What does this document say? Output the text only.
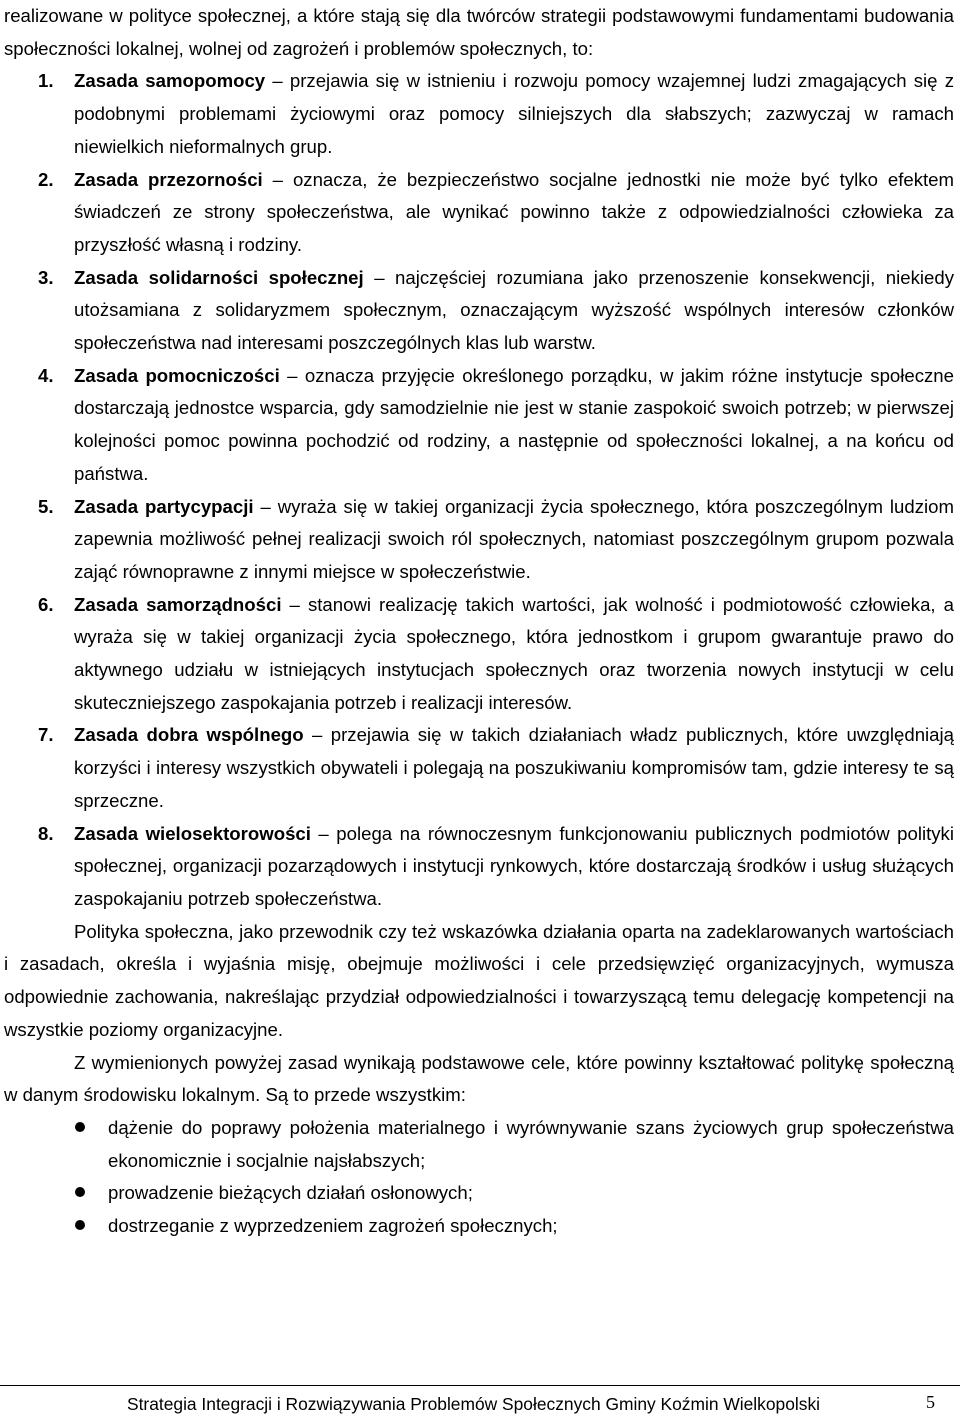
realizowane w polityce społecznej, a które stają się dla twórców strategii podstawowymi fundamentami budowania społeczności lokalnej, wolnej od zagrożeń i problemów społecznych, to:

1. Zasada samopomocy – przejawia się w istnieniu i rozwoju pomocy wzajemnej ludzi zmagających się z podobnymi problemami życiowymi oraz pomocy silniejszych dla słabszych; zazwyczaj w ramach niewielkich nieformalnych grup.
2. Zasada przezorności – oznacza, że bezpieczeństwo socjalne jednostki nie może być tylko efektem świadczeń ze strony społeczeństwa, ale wynikać powinno także z odpowiedzialności człowieka za przyszłość własną i rodziny.
3. Zasada solidarności społecznej – najczęściej rozumiana jako przenoszenie konsekwencji, niekiedy utożsamiana z solidaryzmem społecznym, oznaczającym wyższość wspólnych interesów członków społeczeństwa nad interesami poszczególnych klas lub warstw.
4. Zasada pomocniczości – oznacza przyjęcie określonego porządku, w jakim różne instytucje społeczne dostarczają jednostce wsparcia, gdy samodzielnie nie jest w stanie zaspokoić swoich potrzeb; w pierwszej kolejności pomoc powinna pochodzić od rodziny, a następnie od społeczności lokalnej, a na końcu od państwa.
5. Zasada partycypacji – wyraża się w takiej organizacji życia społecznego, która poszczególnym ludziom zapewnia możliwość pełnej realizacji swoich ról społecznych, natomiast poszczególnym grupom pozwala zająć równoprawne z innymi miejsce w społeczeństwie.
6. Zasada samorządności – stanowi realizację takich wartości, jak wolność i podmiotowość człowieka, a wyraża się w takiej organizacji życia społecznego, która jednostkom i grupom gwarantuje prawo do aktywnego udziału w istniejących instytucjach społecznych oraz tworzenia nowych instytucji w celu skuteczniejszego zaspokajania potrzeb i realizacji interesów.
7. Zasada dobra wspólnego – przejawia się w takich działaniach władz publicznych, które uwzględniają korzyści i interesy wszystkich obywateli i polegają na poszukiwaniu kompromisów tam, gdzie interesy te są sprzeczne.
8. Zasada wielosektorowości – polega na równoczesnym funkcjonowaniu publicznych podmiotów polityki społecznej, organizacji pozarządowych i instytucji rynkowych, które dostarczają środków i usług służących zaspokajaniu potrzeb społeczeństwa.

Polityka społeczna, jako przewodnik czy też wskazówka działania oparta na zadeklarowanych wartościach i zasadach, określa i wyjaśnia misję, obejmuje możliwości i cele przedsięwzięć organizacyjnych, wymusza odpowiednie zachowania, nakreślając przydział odpowiedzialności i towarzyszącą temu delegację kompetencji na wszystkie poziomy organizacyjne.

Z wymienionych powyżej zasad wynikają podstawowe cele, które powinny kształtować politykę społeczną w danym środowisku lokalnym. Są to przede wszystkim:

dążenie do poprawy położenia materialnego i wyrównywanie szans życiowych grup społeczeństwa ekonomicznie i socjalnie najsłabszych;
prowadzenie bieżących działań osłonowych;
dostrzeganie z wyprzedzeniem zagrożeń społecznych;
Strategia Integracji i Rozwiązywania Problemów Społecznych Gminy Koźmin Wielkopolski	5
